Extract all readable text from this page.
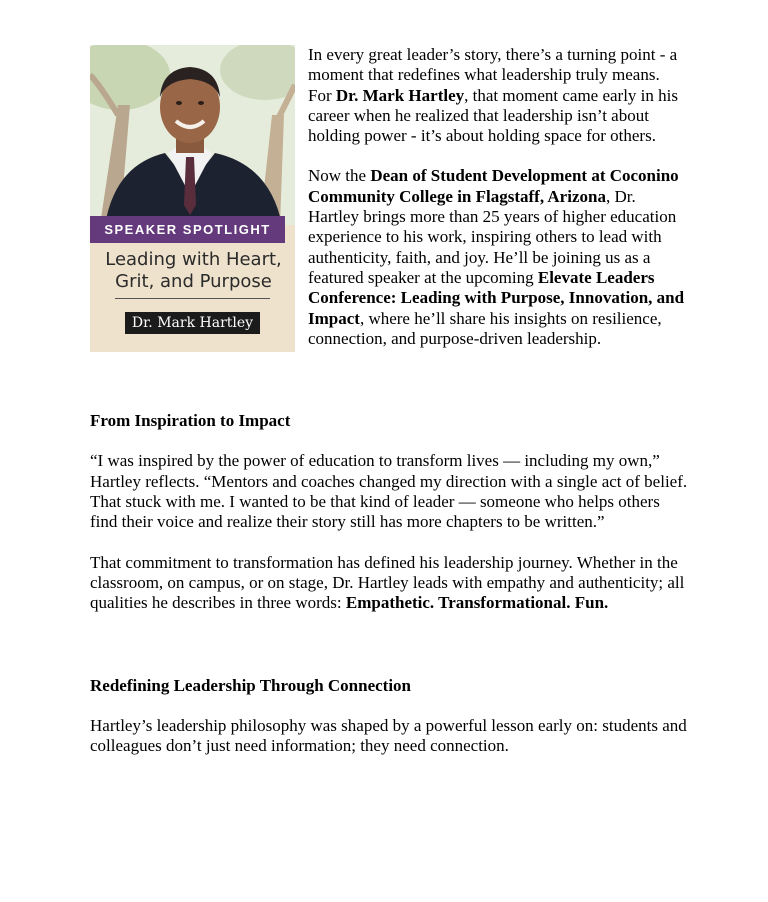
SPEAKER SPOTLIGHT
Leading with Heart,
Grit, and Purpose
Dr. Mark Hartley

In every great leader’s story, there’s a turning point - a moment that redefines what leadership truly means.

For Dr. Mark Hartley, that moment came early in his career when he realized that leadership isn’t about holding power - it’s about holding space for others.

Now the Dean of Student Development at Coconino Community College in Flagstaff, Arizona, Dr. Hartley brings more than 25 years of higher education experience to his work, inspiring others to lead with authenticity, faith, and joy. He’ll be joining us as a featured speaker at the upcoming Elevate Leaders Conference: Leading with Purpose, Innovation, and Impact, where he’ll share his insights on resilience, connection, and purpose-driven leadership.

From Inspiration to Impact

“I was inspired by the power of education to transform lives — including my own,” Hartley reflects. “Mentors and coaches changed my direction with a single act of belief. That stuck with me. I wanted to be that kind of leader — someone who helps others find their voice and realize their story still has more chapters to be written.”

That commitment to transformation has defined his leadership journey. Whether in the classroom, on campus, or on stage, Dr. Hartley leads with empathy and authenticity; all qualities he describes in three words: Empathetic. Transformational. Fun.

Redefining Leadership Through Connection

Hartley’s leadership philosophy was shaped by a powerful lesson early on: students and colleagues don’t just need information; they need connection.
